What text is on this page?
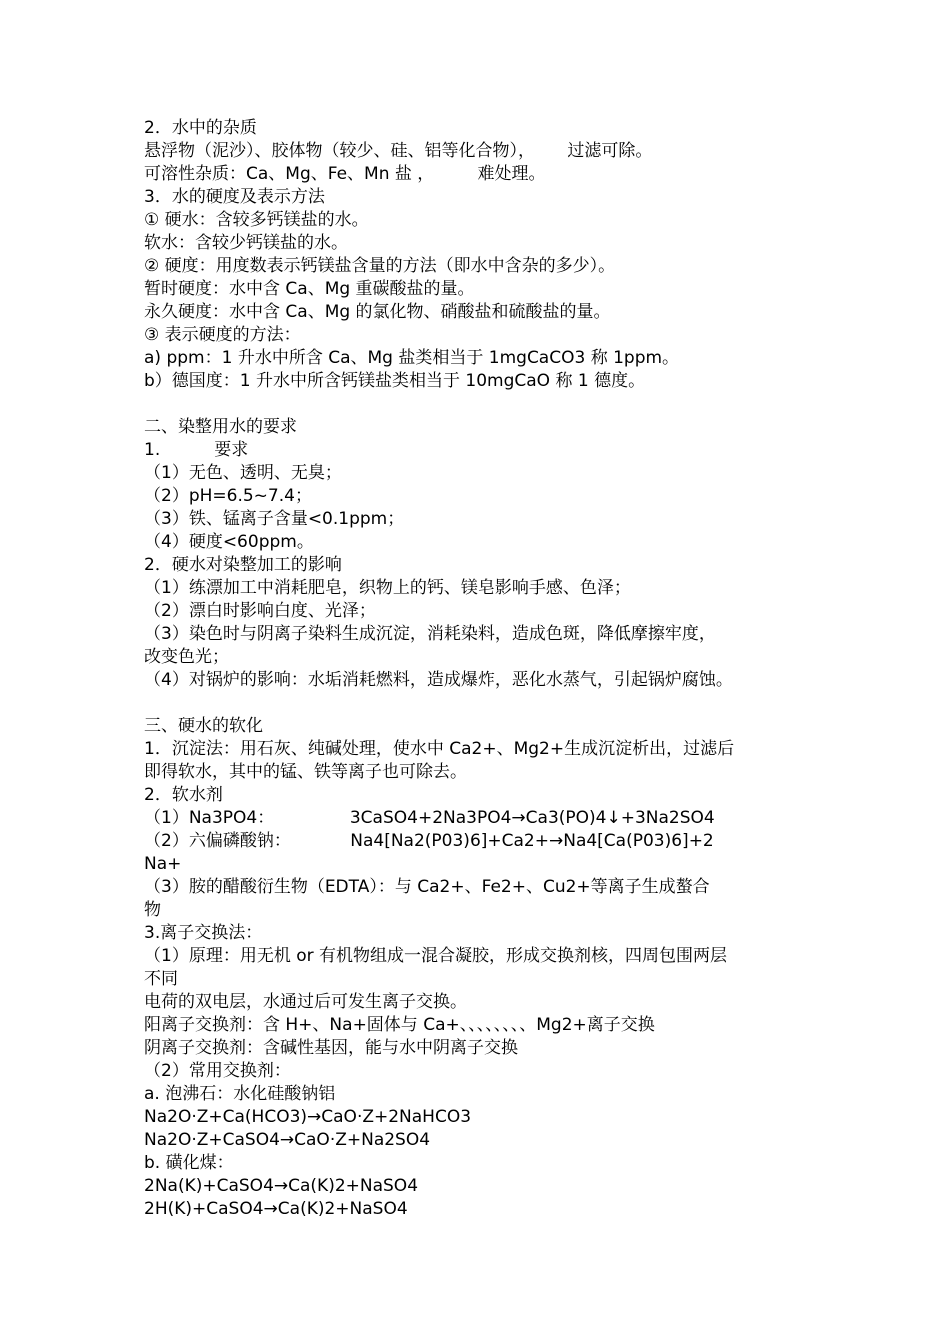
2．水中的杂质
悬浮物（泥沙）、胶体物（较少、硅、铝等化合物），      过滤可除。
可溶性杂质：Ca、Mg、Fe、Mn 盐 ，        难处理。
3．水的硬度及表示方法
① 硬水：含较多钙镁盐的水。
软水：含较少钙镁盐的水。
② 硬度：用度数表示钙镁盐含量的方法（即水中含杂的多少）。
暂时硬度：水中含 Ca、Mg 重碳酸盐的量。
永久硬度：水中含 Ca、Mg 的氯化物、硝酸盐和硫酸盐的量。
③ 表示硬度的方法：
a) ppm：1 升水中所含 Ca、Mg 盐类相当于 1mgCaCO3 称 1ppm。
b）德国度：1 升水中所含钙镁盐类相当于 10mgCaO 称 1 德度。
二、染整用水的要求
1.          要求
（1）无色、透明、无臭；
（2）pH=6.5~7.4；
（3）铁、锰离子含量<0.1ppm；
（4）硬度<60ppm。
2．硬水对染整加工的影响
（1）练漂加工中消耗肥皂，织物上的钙、镁皂影响手感、色泽；
（2）漂白时影响白度、光泽；
（3）染色时与阴离子染料生成沉淀，消耗染料，造成色斑，降低摩擦牢度，
改变色光；
（4）对锅炉的影响：水垢消耗燃料，造成爆炸，恶化水蒸气，引起锅炉腐蚀。
三、硬水的软化
1．沉淀法：用石灰、纯碱处理，使水中 Ca2+、Mg2+生成沉淀析出，过滤后
即得软水，其中的锰、铁等离子也可除去。
2．软水剂
（1）Na3PO4：              3CaSO4+2Na3PO4→Ca3(PO)4↓+3Na2SO4
（2）六偏磷酸钠：           Na4[Na2(P03)6]+Ca2+→Na4[Ca(P03)6]+2
Na+
（3）胺的醋酸衍生物（EDTA）：与 Ca2+、Fe2+、Cu2+等离子生成螯合
物
3.离子交换法：
（1）原理：用无机 or 有机物组成一混合凝胶，形成交换剂核，四周包围两层
不同
电荷的双电层，水通过后可发生离子交换。
阳离子交换剂：含 H+、Na+固体与 Ca+、、、、、、、、Mg2+离子交换
阴离子交换剂：含碱性基因，能与水中阴离子交换
（2）常用交换剂：
a. 泡沸石：水化硅酸钠铝
Na2O·Z+Ca(HCO3)→CaO·Z+2NaHCO3
Na2O·Z+CaSO4→CaO·Z+Na2SO4
b. 磺化煤：
2Na(K)+CaSO4→Ca(K)2+NaSO4
2H(K)+CaSO4→Ca(K)2+NaSO4
